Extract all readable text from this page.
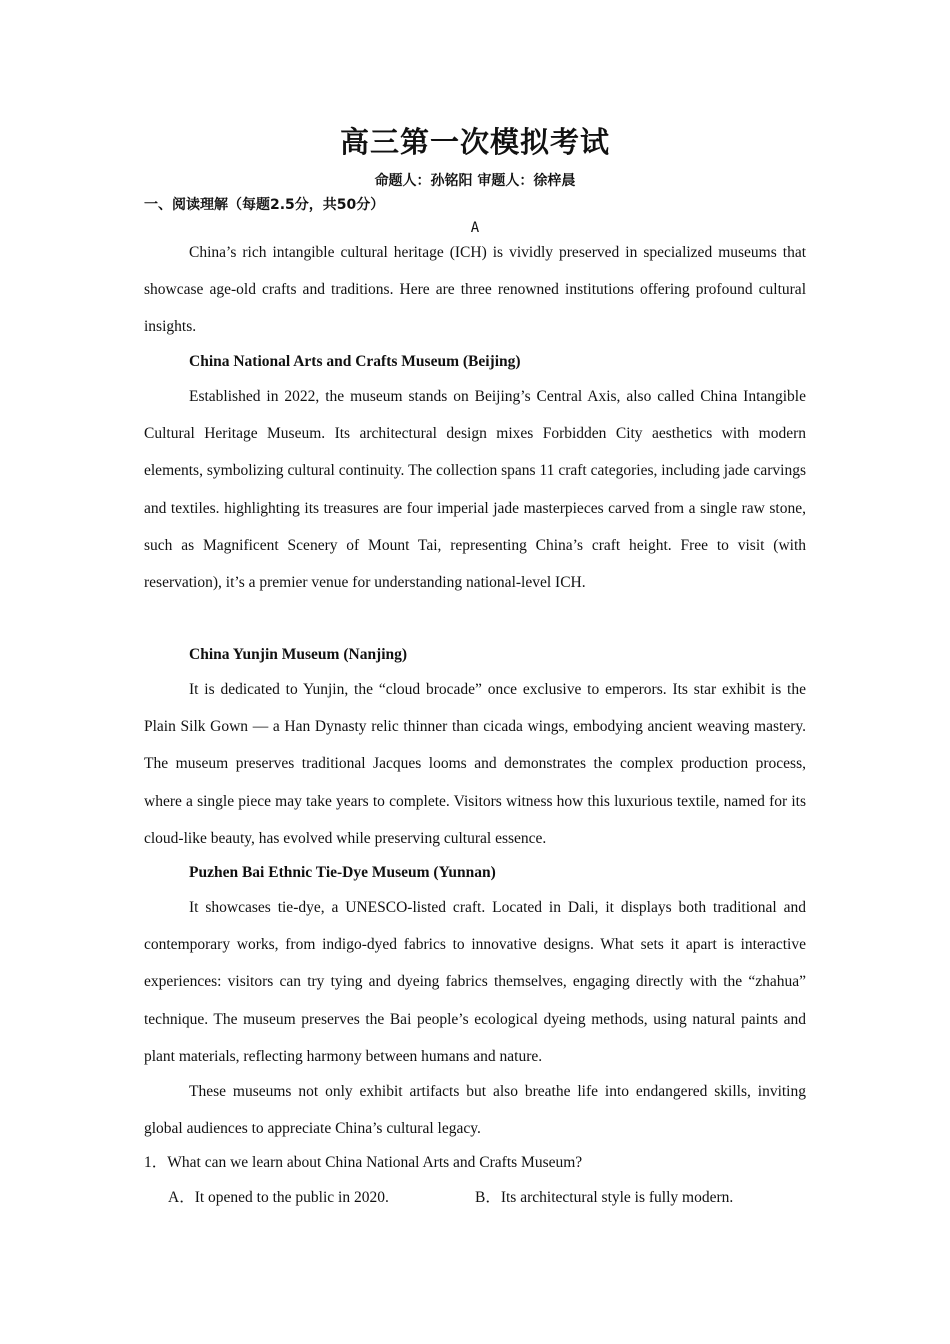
高三第一次模拟考试
命题人：孙铭阳 审题人：徐梓晨
一、阅读理解（每题2.5分，共50分）
A

China’s rich intangible cultural heritage (ICH) is vividly preserved in specialized museums that showcase age-old crafts and traditions. Here are three renowned institutions offering profound cultural insights.

China National Arts and Crafts Museum (Beijing)

Established in 2022, the museum stands on Beijing’s Central Axis, also called China Intangible Cultural Heritage Museum. Its architectural design mixes Forbidden City aesthetics with modern elements, symbolizing cultural continuity. The collection spans 11 craft categories, including jade carvings and textiles. highlighting its treasures are four imperial jade masterpieces carved from a single raw stone, such as Magnificent Scenery of Mount Tai, representing China’s craft height. Free to visit (with reservation), it’s a premier venue for understanding national-level ICH.

China Yunjin Museum (Nanjing)

It is dedicated to Yunjin, the “cloud brocade” once exclusive to emperors. Its star exhibit is the Plain Silk Gown — a Han Dynasty relic thinner than cicada wings, embodying ancient weaving mastery. The museum preserves traditional Jacques looms and demonstrates the complex production process, where a single piece may take years to complete. Visitors witness how this luxurious textile, named for its cloud-like beauty, has evolved while preserving cultural essence.

Puzhen Bai Ethnic Tie-Dye Museum (Yunnan)

It showcases tie-dye, a UNESCO-listed craft. Located in Dali, it displays both traditional and contemporary works, from indigo-dyed fabrics to innovative designs. What sets it apart is interactive experiences: visitors can try tying and dyeing fabrics themselves, engaging directly with the “zhahua” technique. The museum preserves the Bai people’s ecological dyeing methods, using natural paints and plant materials, reflecting harmony between humans and nature.

These museums not only exhibit artifacts but also breathe life into endangered skills, inviting global audiences to appreciate China’s cultural legacy.

1．What can we learn about China National Arts and Crafts Museum?
A．It opened to the public in 2020.	B．Its architectural style is fully modern.
